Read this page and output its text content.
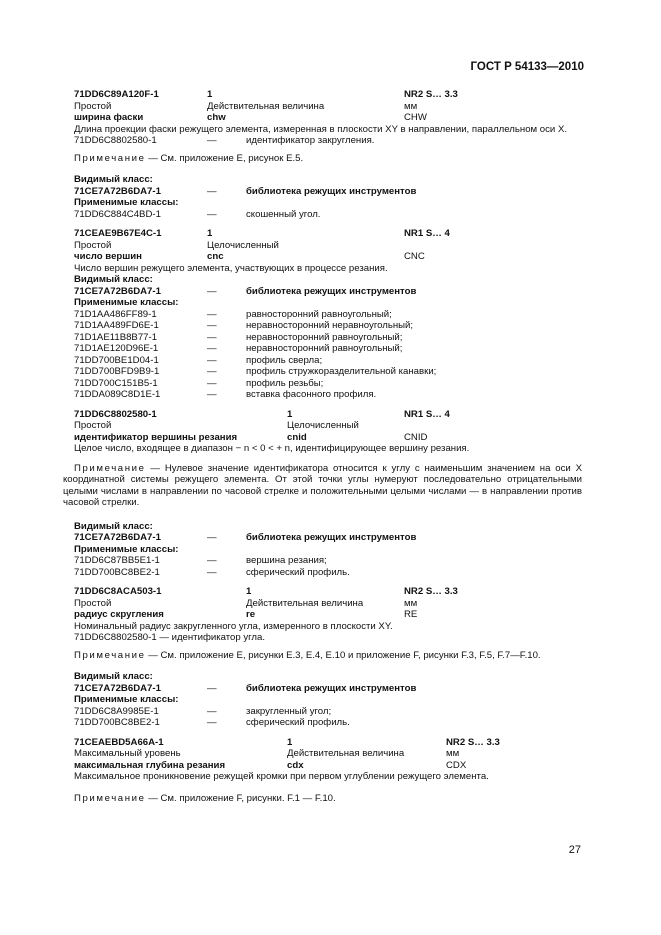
ГОСТ Р 54133—2010
71DD6C89A120F-1	1	NR2 S… 3.3
Простой	Действительная величина	мм
ширина фаски	chw	CHW

Длина проекции фаски режущего элемента, измеренная в плоскости XY в направлении, параллельном оси X.

71DD6C8802580-1	—	идентификатор закругления.

Примечание — См. приложение E, рисунок E.5.

Видимый класс:
71CE7A72B6DA7-1	—	библиотека режущих инструментов
Применимые классы:
71DD6C884C4BD-1	—	скошенный угол.
71CEAE9B67E4C-1	1	NR1 S… 4
Простой	Целочисленный
число вершин	cnc	CNC
Число вершин режущего элемента, участвующих в процессе резания.
Видимый класс:
71CE7A72B6DA7-1	—	библиотека режущих инструментов
Применимые классы:
71D1AA486FF89-1	—	равносторонний равноугольный;
71D1AA489FD6E-1	—	неравносторонний неравноугольный;
71D1AE11B8B77-1	—	неравносторонний равноугольный;
71D1AE120D96E-1	—	неравносторонний равноугольный;
71DD700BE1D04-1	—	профиль сверла;
71DD700BFD9B9-1	—	профиль стружкоразделительной канавки;
71DD700C151B5-1	—	профиль резьбы;
71DDA089C8D1E-1	—	вставка фасонного профиля.
71DD6C8802580-1	1	NR1 S… 4
Простой	Целочисленный
идентификатор вершины резания	cnid	CNID
Целое число, входящее в диапазон − n < 0 < + n, идентифицирующее вершину резания.

Примечание — Нулевое значение идентификатора относится к углу с наименьшим значением на оси X координатной системы режущего элемента. От этой точки углы нумеруют последовательно отрицательными целыми числами в направлении по часовой стрелке и положительными целыми числами — в направлении против часовой стрелки.

Видимый класс:
71CE7A72B6DA7-1	—	библиотека режущих инструментов
Применимые классы:
71DD6C87BB5E1-1	—	вершина резания;
71DD700BC8BE2-1	—	сферический профиль.
71DD6C8ACA503-1	1	NR2 S… 3.3
Простой	Действительная величина	мм
радиус скругления	re	RE
Номинальный радиус закругленного угла, измеренного в плоскости XY.
71DD6C8802580-1 — идентификатор угла.

Примечание — См. приложение E, рисунки E.3, E.4, E.10 и приложение F, рисунки F.3, F.5, F.7—F.10.

Видимый класс:
71CE7A72B6DA7-1	—	библиотека режущих инструментов
Применимые классы:
71DD6C8A9985E-1	—	закругленный угол;
71DD700BC8BE2-1	—	сферический профиль.
71CEAEBD5A66A-1	1	NR2 S… 3.3
Максимальный уровень	Действительная величина	мм
максимальная глубина резания	cdx	CDX
Максимальное проникновение режущей кромки при первом углублении режущего элемента.

Примечание — См. приложение F, рисунки. F.1 — F.10.

27
